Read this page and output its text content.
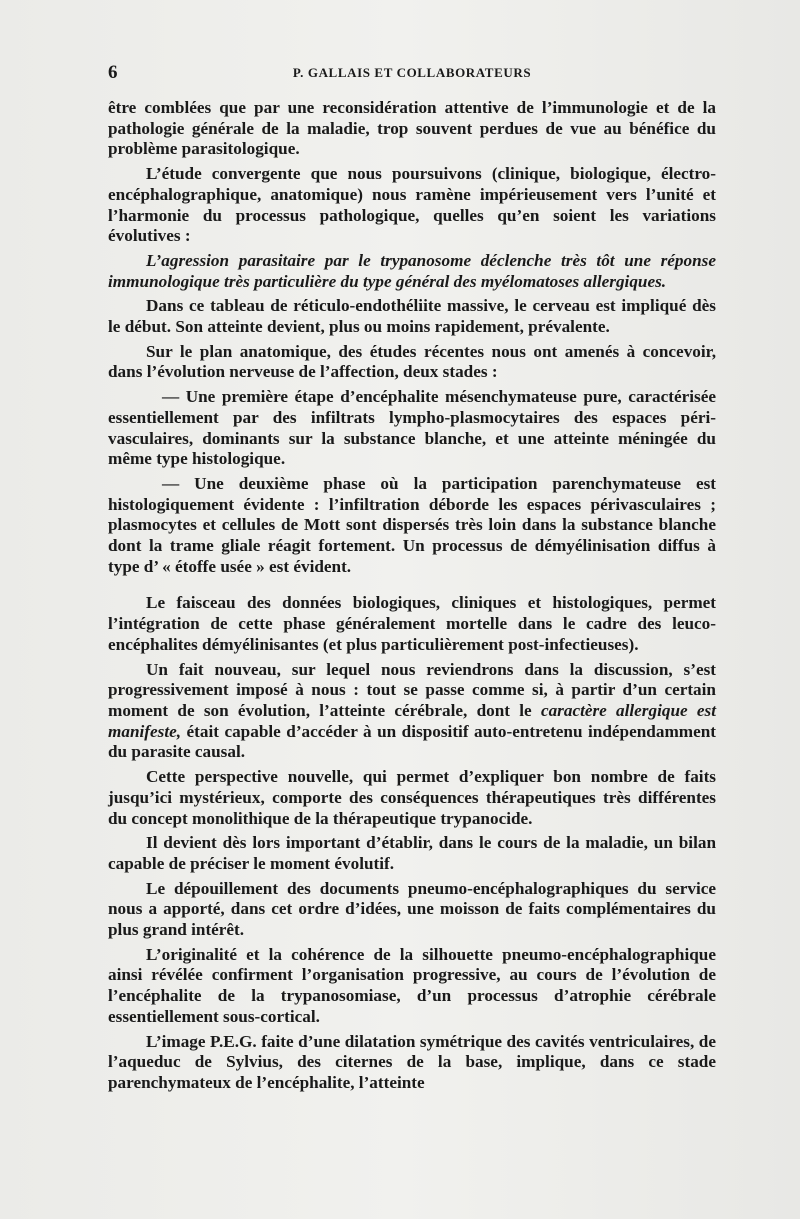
6	P. GALLAIS ET COLLABORATEURS

être comblées que par une reconsidération attentive de l’immunologie et de la pathologie générale de la maladie, trop souvent perdues de vue au bénéfice du problème parasitologique.

L’étude convergente que nous poursuivons (clinique, biologique, électro-encéphalographique, anatomique) nous ramène impérieusement vers l’unité et l’harmonie du processus pathologique, quelles qu’en soient les variations évolutives :

L’agression parasitaire par le trypanosome déclenche très tôt une réponse immunologique très particulière du type général des myélomatoses allergiques.

Dans ce tableau de réticulo-endothéliite massive, le cerveau est impliqué dès le début. Son atteinte devient, plus ou moins rapidement, prévalente.

Sur le plan anatomique, des études récentes nous ont amenés à concevoir, dans l’évolution nerveuse de l’affection, deux stades :

— Une première étape d’encéphalite mésenchymateuse pure, caractérisée essentiellement par des infiltrats lympho-plasmocytaires des espaces péri-vasculaires, dominants sur la substance blanche, et une atteinte méningée du même type histologique.

— Une deuxième phase où la participation parenchymateuse est histologiquement évidente : l’infiltration déborde les espaces périvasculaires ; plasmocytes et cellules de Mott sont dispersés très loin dans la substance blanche dont la trame gliale réagit fortement. Un processus de démyélinisation diffus à type d’ « étoffe usée » est évident.

Le faisceau des données biologiques, cliniques et histologiques, permet l’intégration de cette phase généralement mortelle dans le cadre des leuco-encéphalites démyélinisantes (et plus particulièrement post-infectieuses).

Un fait nouveau, sur lequel nous reviendrons dans la discussion, s’est progressivement imposé à nous : tout se passe comme si, à partir d’un certain moment de son évolution, l’atteinte cérébrale, dont le caractère allergique est manifeste, était capable d’accéder à un dispositif auto-entretenu indépendamment du parasite causal.

Cette perspective nouvelle, qui permet d’expliquer bon nombre de faits jusqu’ici mystérieux, comporte des conséquences thérapeutiques très différentes du concept monolithique de la thérapeutique trypanocide.

Il devient dès lors important d’établir, dans le cours de la maladie, un bilan capable de préciser le moment évolutif.

Le dépouillement des documents pneumo-encéphalographiques du service nous a apporté, dans cet ordre d’idées, une moisson de faits complémentaires du plus grand intérêt.

L’originalité et la cohérence de la silhouette pneumo-encéphalographique ainsi révélée confirment l’organisation progressive, au cours de l’évolution de l’encéphalite de la trypanosomiase, d’un processus d’atrophie cérébrale essentiellement sous-cortical.

L’image P.E.G. faite d’une dilatation symétrique des cavités ventriculaires, de l’aqueduc de Sylvius, des citernes de la base, implique, dans ce stade parenchymateux de l’encéphalite, l’atteinte
